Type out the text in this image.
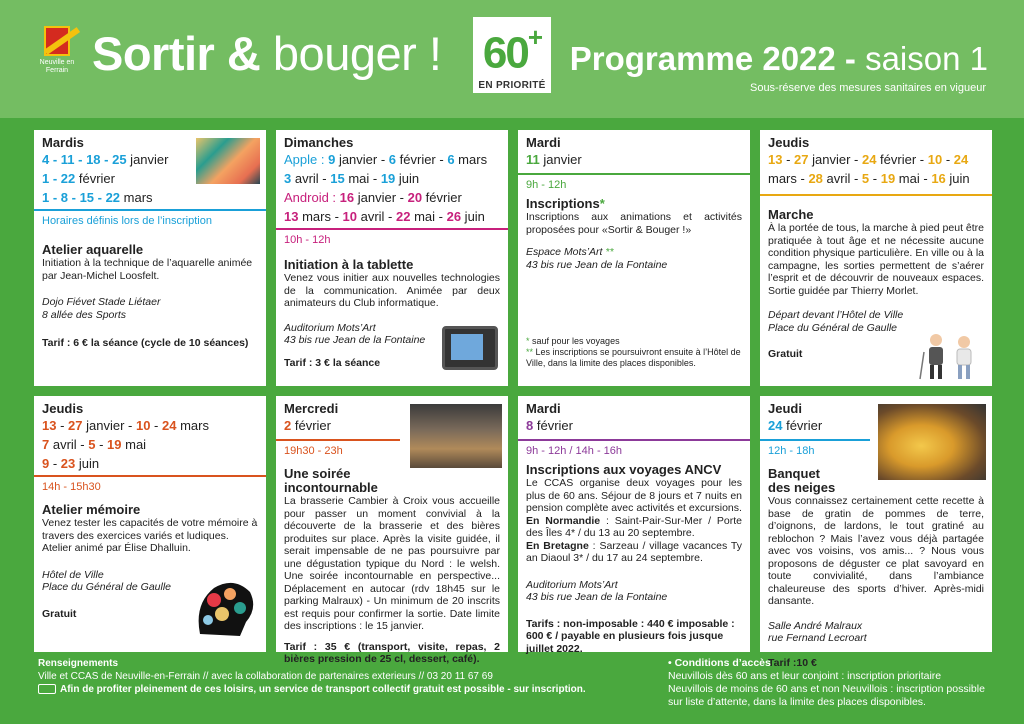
Neuville en Ferrain Sortir & bouger ! 60+
EN PRIORITÉ
Programme 2022 - saison 1
Sous-réserve des mesures sanitaires en vigueur
Mardis
4 - 11 - 18 - 25 janvier
1 - 22 février
1 - 8 - 15 - 22 mars
Horaires définis lors de l’inscription
Atelier aquarelle
Initiation à la technique de l’aquarelle animée par Jean-Michel Loosfelt.
Dojo Fiévet Stade Liétaer
8 allée des Sports
Tarif : 6 € la séance (cycle de 10 séances)
Dimanches
Apple : 9 janvier - 6 février - 6 mars
3 avril - 15 mai - 19 juin
Android : 16 janvier - 20 février
13 mars - 10 avril - 22 mai - 26 juin
10h - 12h
Initiation à la tablette
Venez vous initier aux nouvelles technologies de la communication. Animée par deux animateurs du Club informatique.
Auditorium Mots’Art
43 bis rue Jean de la Fontaine
Tarif : 3 € la séance
Mardi
11 janvier
9h - 12h
Inscriptions*
Inscriptions aux animations et activités proposées pour «Sortir & Bouger !»
Espace Mots’Art **
43 bis rue Jean de la Fontaine
* sauf pour les voyages
** Les inscriptions se poursuivront ensuite à l’Hôtel de Ville, dans la limite des places disponibles.
Jeudis
13 - 27 janvier - 24 février - 10 - 24
mars - 28 avril - 5 - 19 mai - 16 juin
Marche
À la portée de tous, la marche à pied peut être pratiquée à tout âge et ne nécessite aucune condition physique particulière. En ville ou à la campagne, les sorties permettent de s’aérer l’esprit et de découvrir de nouveaux espaces. Sortie guidée par Thierry Morlet.
Départ devant l’Hôtel de Ville
Place du Général de Gaulle
Gratuit
Jeudis
13 - 27 janvier - 10 - 24 mars
7 avril - 5 - 19 mai
9 - 23 juin
14h - 15h30
Atelier mémoire
Venez tester les capacités de votre mémoire à travers des exercices variés et ludiques. Atelier animé par Élise Dhalluin.
Hôtel de Ville
Place du Général de Gaulle
Gratuit
Mercredi
2 février
19h30 - 23h
Une soirée
incontournable
La brasserie Cambier à Croix vous accueille pour passer un moment convivial à la découverte de la brasserie et des bières produites sur place. Après la visite guidée, il serait impensable de ne pas poursuivre par une dégustation typique du Nord : le welsh. Une soirée incontournable en perspective... Déplacement en autocar (rdv 18h45 sur le parking Malraux) - Un minimum de 20 inscrits est requis pour confirmer la sortie. Date limite des inscriptions : le 15 janvier.
Tarif : 35 € (transport, visite, repas, 2 bières pression de 25 cl, dessert, café).
Mardi
8 février
9h - 12h / 14h - 16h
Inscriptions aux voyages ANCV
Le CCAS organise deux voyages pour les plus de 60 ans. Séjour de 8 jours et 7 nuits en pension complète avec activités et excursions.
En Normandie : Saint-Pair-Sur-Mer / Porte des Îles 4* / du 13 au 20 septembre.
En Bretagne : Sarzeau / village vacances Ty an Diaoul 3* / du 17 au 24 septembre.
Auditorium Mots’Art
43 bis rue Jean de la Fontaine
Tarifs : non-imposable : 440 € imposable : 600 € / payable en plusieurs fois jusque juillet 2022.
Jeudi
24 février
12h - 18h
Banquet
des neiges
Vous connaissez certainement cette recette à base de gratin de pommes de terre, d’oignons, de lardons, le tout gratiné au reblochon ? Mais l’avez vous déjà partagée avec vos voisins, vos amis... ? Nous vous proposons de déguster ce plat savoyard en toute convivialité, dans l’ambiance chaleureuse des sports d’hiver. Après-midi dansante.
Salle André Malraux
rue Fernand Lecroart
Tarif :10 €
Renseignements
Ville et CCAS de Neuville-en-Ferrain // avec la collaboration de partenaires exterieurs // 03 20 11 67 69
Afin de profiter pleinement de ces loisirs, un service de transport collectif gratuit est possible - sur inscription.
• Conditions d’accès
Neuvillois dès 60 ans et leur conjoint : inscription prioritaire
Neuvillois de moins de 60 ans et non Neuvillois : inscription possible sur liste d’attente, dans la limite des places disponibles.
